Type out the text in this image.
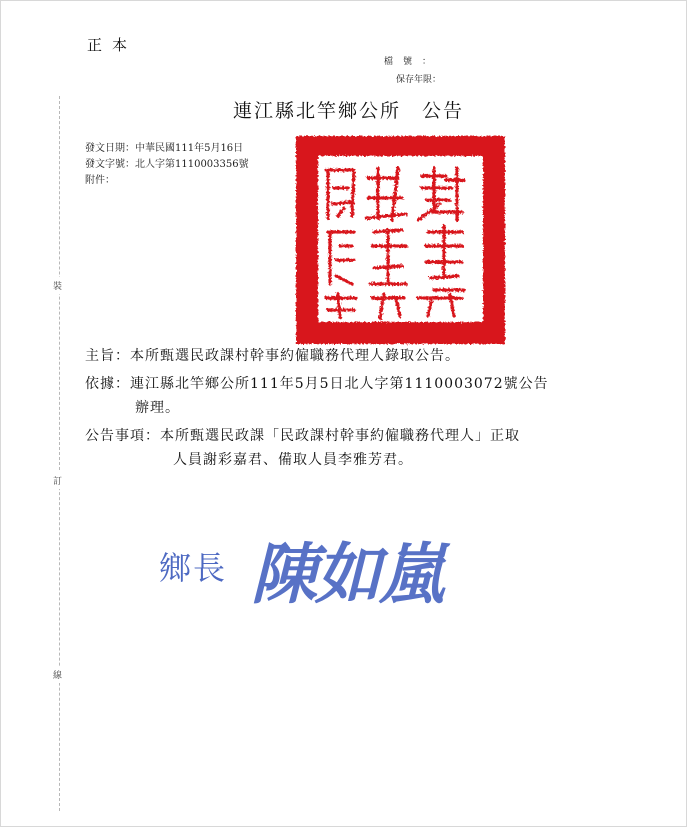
正本
檔號：
保存年限：
連江縣北竿鄉公所　公告
發文日期：中華民國111年5月16日
發文字號：北人字第1110003356號
附件：
裝
訂
線
主旨：本所甄選民政課村幹事約僱職務代理人錄取公告。
依據：連江縣北竿鄉公所111年5月5日北人字第1110003072號公告
辦理。
公告事項：本所甄選民政課「民政課村幹事約僱職務代理人」正取
人員謝彩嘉君、備取人員李雅芳君。
鄉長 陳如嵐
